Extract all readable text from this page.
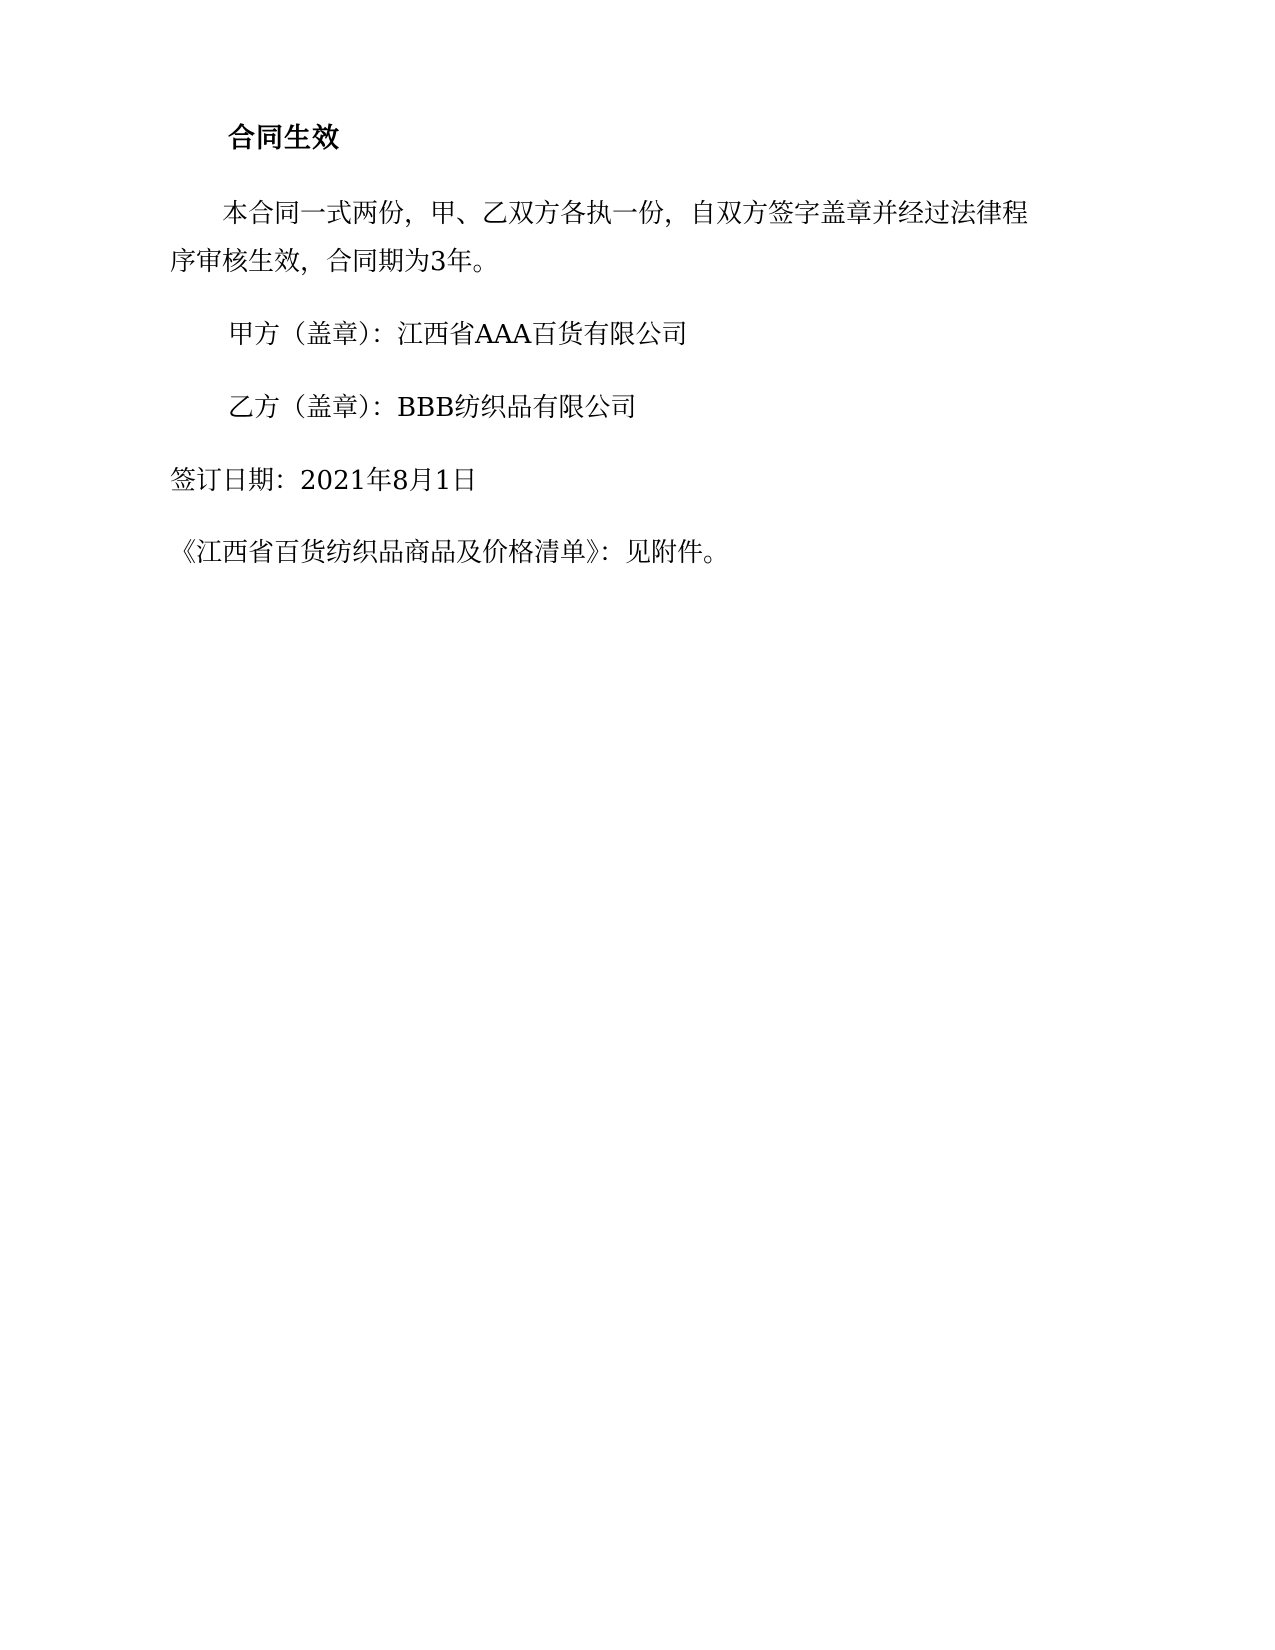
合同生效

本合同一式两份，甲、乙双方各执一份，自双方签字盖章并经过法律程序审核生效，合同期为3年。

甲方（盖章）：江西省AAA百货有限公司

乙方（盖章）：BBB纺织品有限公司

签订日期：2021年8月1日

《江西省百货纺织品商品及价格清单》：见附件。
